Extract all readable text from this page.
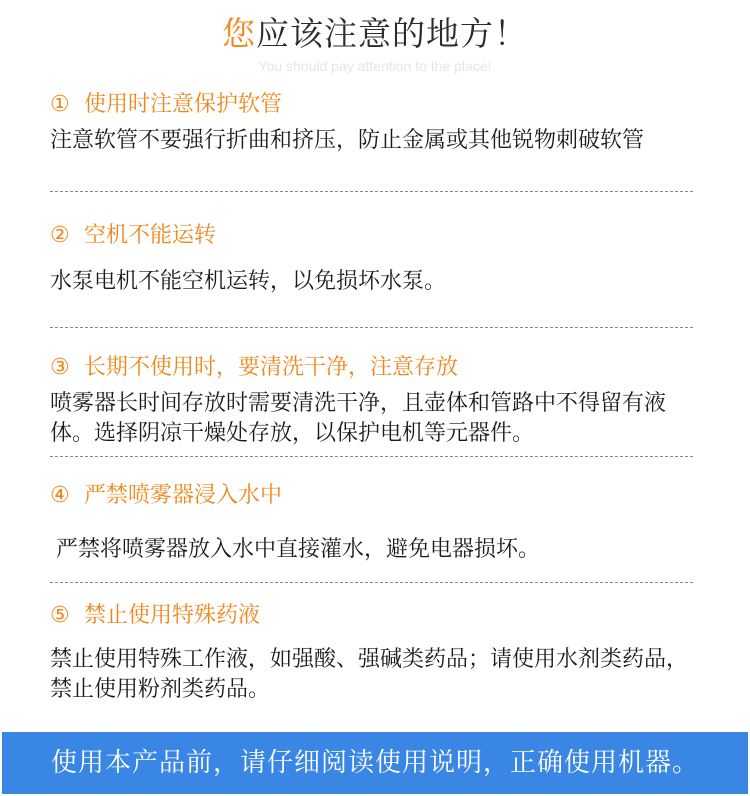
您应该注意的地方！
You should pay attention to the place!
① 使用时注意保护软管
注意软管不要强行折曲和挤压，防止金属或其他锐物刺破软管
② 空机不能运转
水泵电机不能空机运转，以免损坏水泵。
③ 长期不使用时，要清洗干净，注意存放
喷雾器长时间存放时需要清洗干净，且壶体和管路中不得留有液体。选择阴凉干燥处存放，以保护电机等元器件。
④ 严禁喷雾器浸入水中
严禁将喷雾器放入水中直接灌水，避免电器损坏。
⑤ 禁止使用特殊药液
禁止使用特殊工作液，如强酸、强碱类药品；请使用水剂类药品，禁止使用粉剂类药品。
使用本产品前，请仔细阅读使用说明，正确使用机器。
